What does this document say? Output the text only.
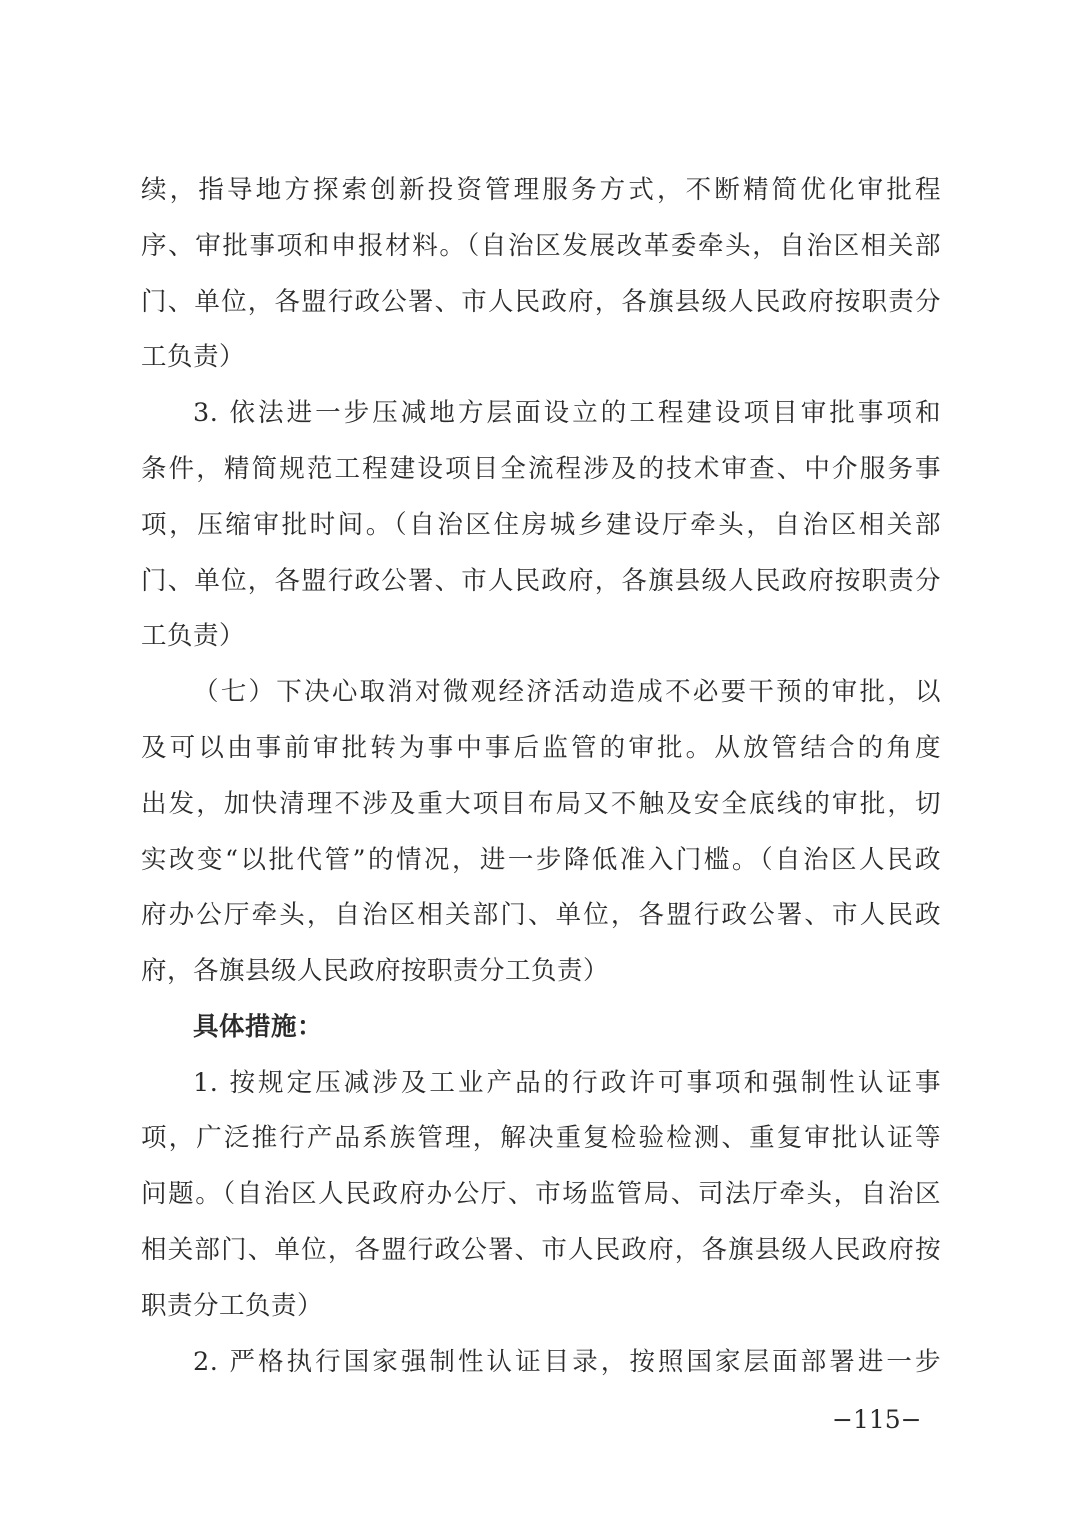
续，指导地方探索创新投资管理服务方式，不断精简优化审批程
序、审批事项和申报材料。（自治区发展改革委牵头，自治区相关部
门、单位，各盟行政公署、市人民政府，各旗县级人民政府按职责分
工负责）
3. 依法进一步压减地方层面设立的工程建设项目审批事项和
条件，精简规范工程建设项目全流程涉及的技术审查、中介服务事
项，压缩审批时间。（自治区住房城乡建设厅牵头，自治区相关部
门、单位，各盟行政公署、市人民政府，各旗县级人民政府按职责分
工负责）
（七）下决心取消对微观经济活动造成不必要干预的审批，以
及可以由事前审批转为事中事后监管的审批。从放管结合的角度
出发，加快清理不涉及重大项目布局又不触及安全底线的审批，切
实改变“以批代管”的情况，进一步降低准入门槛。（自治区人民政
府办公厅牵头，自治区相关部门、单位，各盟行政公署、市人民政
府，各旗县级人民政府按职责分工负责）
具体措施：
1. 按规定压减涉及工业产品的行政许可事项和强制性认证事
项，广泛推行产品系族管理，解决重复检验检测、重复审批认证等
问题。（自治区人民政府办公厅、市场监管局、司法厅牵头，自治区
相关部门、单位，各盟行政公署、市人民政府，各旗县级人民政府按
职责分工负责）
2. 严格执行国家强制性认证目录，按照国家层面部署进一步
−115−
